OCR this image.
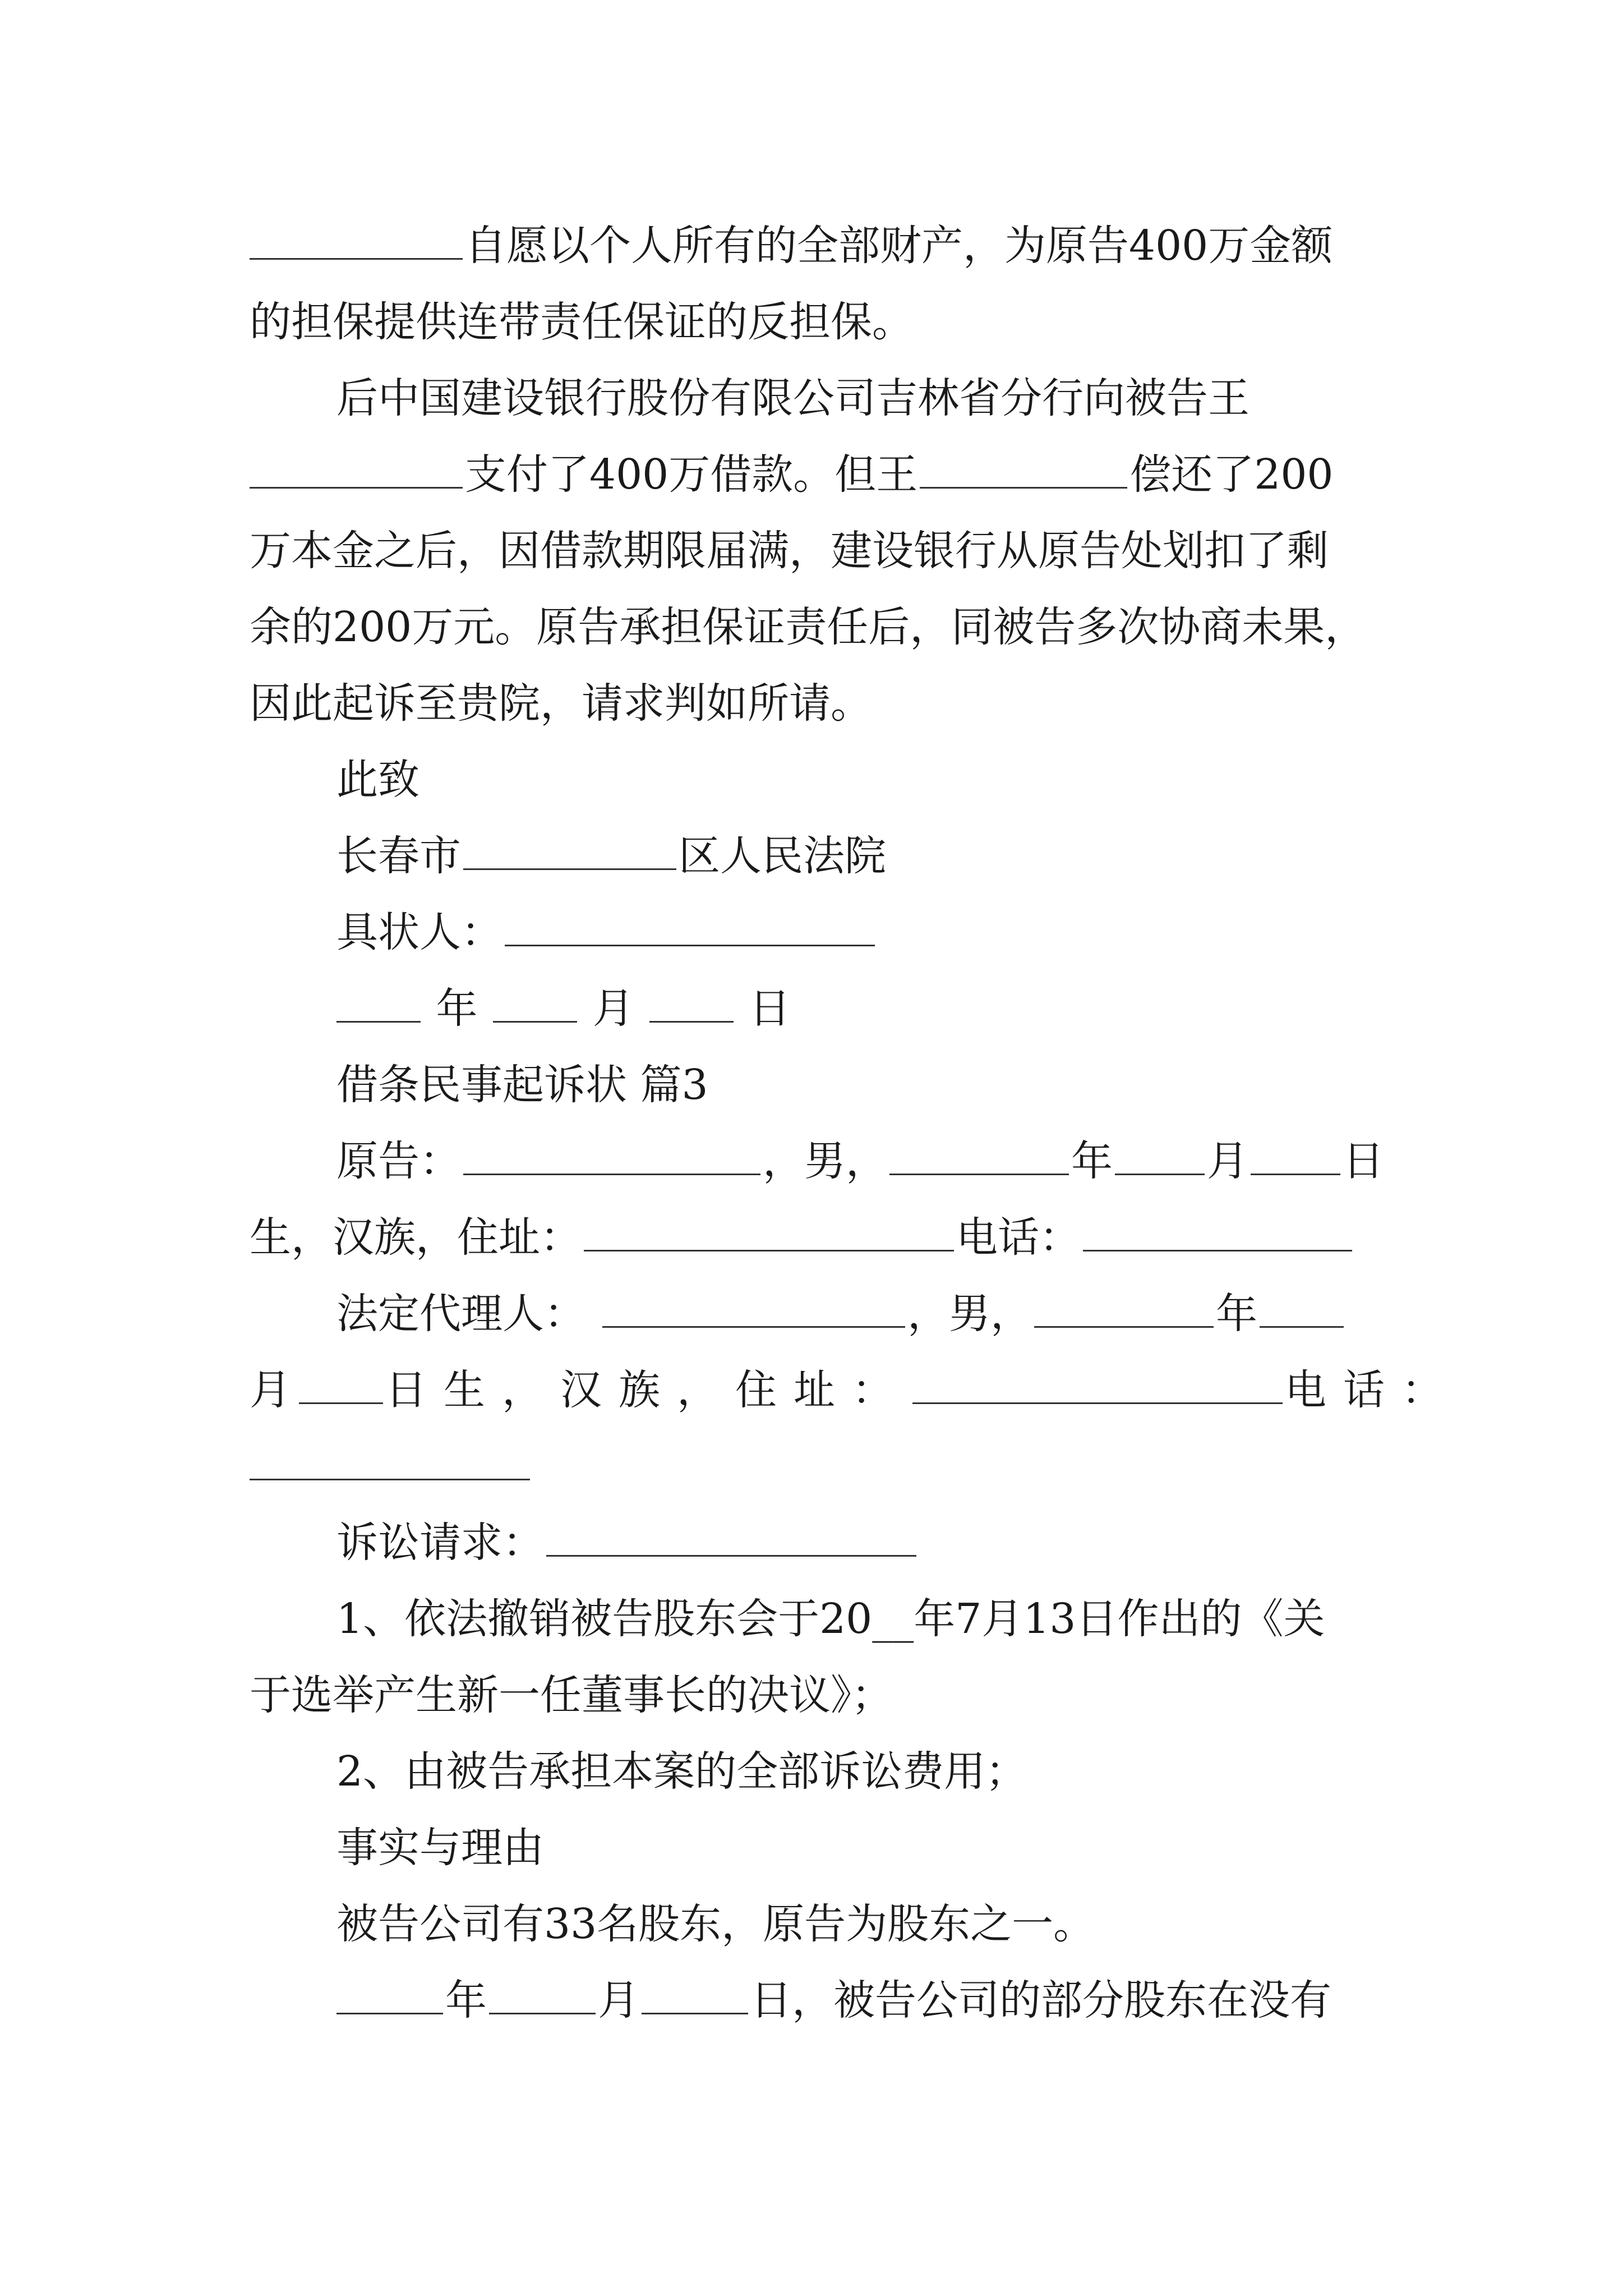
自愿以个人所有的全部财产，为原告400万金额
的担保提供连带责任保证的反担保。
后中国建设银行股份有限公司吉林省分行向被告王
支付了400万借款。但王	偿还了200
万本金之后，因借款期限届满，建设银行从原告处划扣了剩
余的200万元。原告承担保证责任后，同被告多次协商未果，
因此起诉至贵院，请求判如所请。
此致
长春市	区人民法院
具状人：
年	月	日
借条民事起诉状 篇3
原告：	，男，	年 月 日
生，汉族，住址：	电话：
法定代理人：	，男，	年
月 日生，汉族，住址：	电话：
诉讼请求：
1、依法撤销被告股东会于20__年7月13日作出的《关
于选举产生新一任董事长的决议》；
2、由被告承担本案的全部诉讼费用；
事实与理由
被告公司有33名股东，原告为股东之一。
年	月	日，被告公司的部分股东在没有
